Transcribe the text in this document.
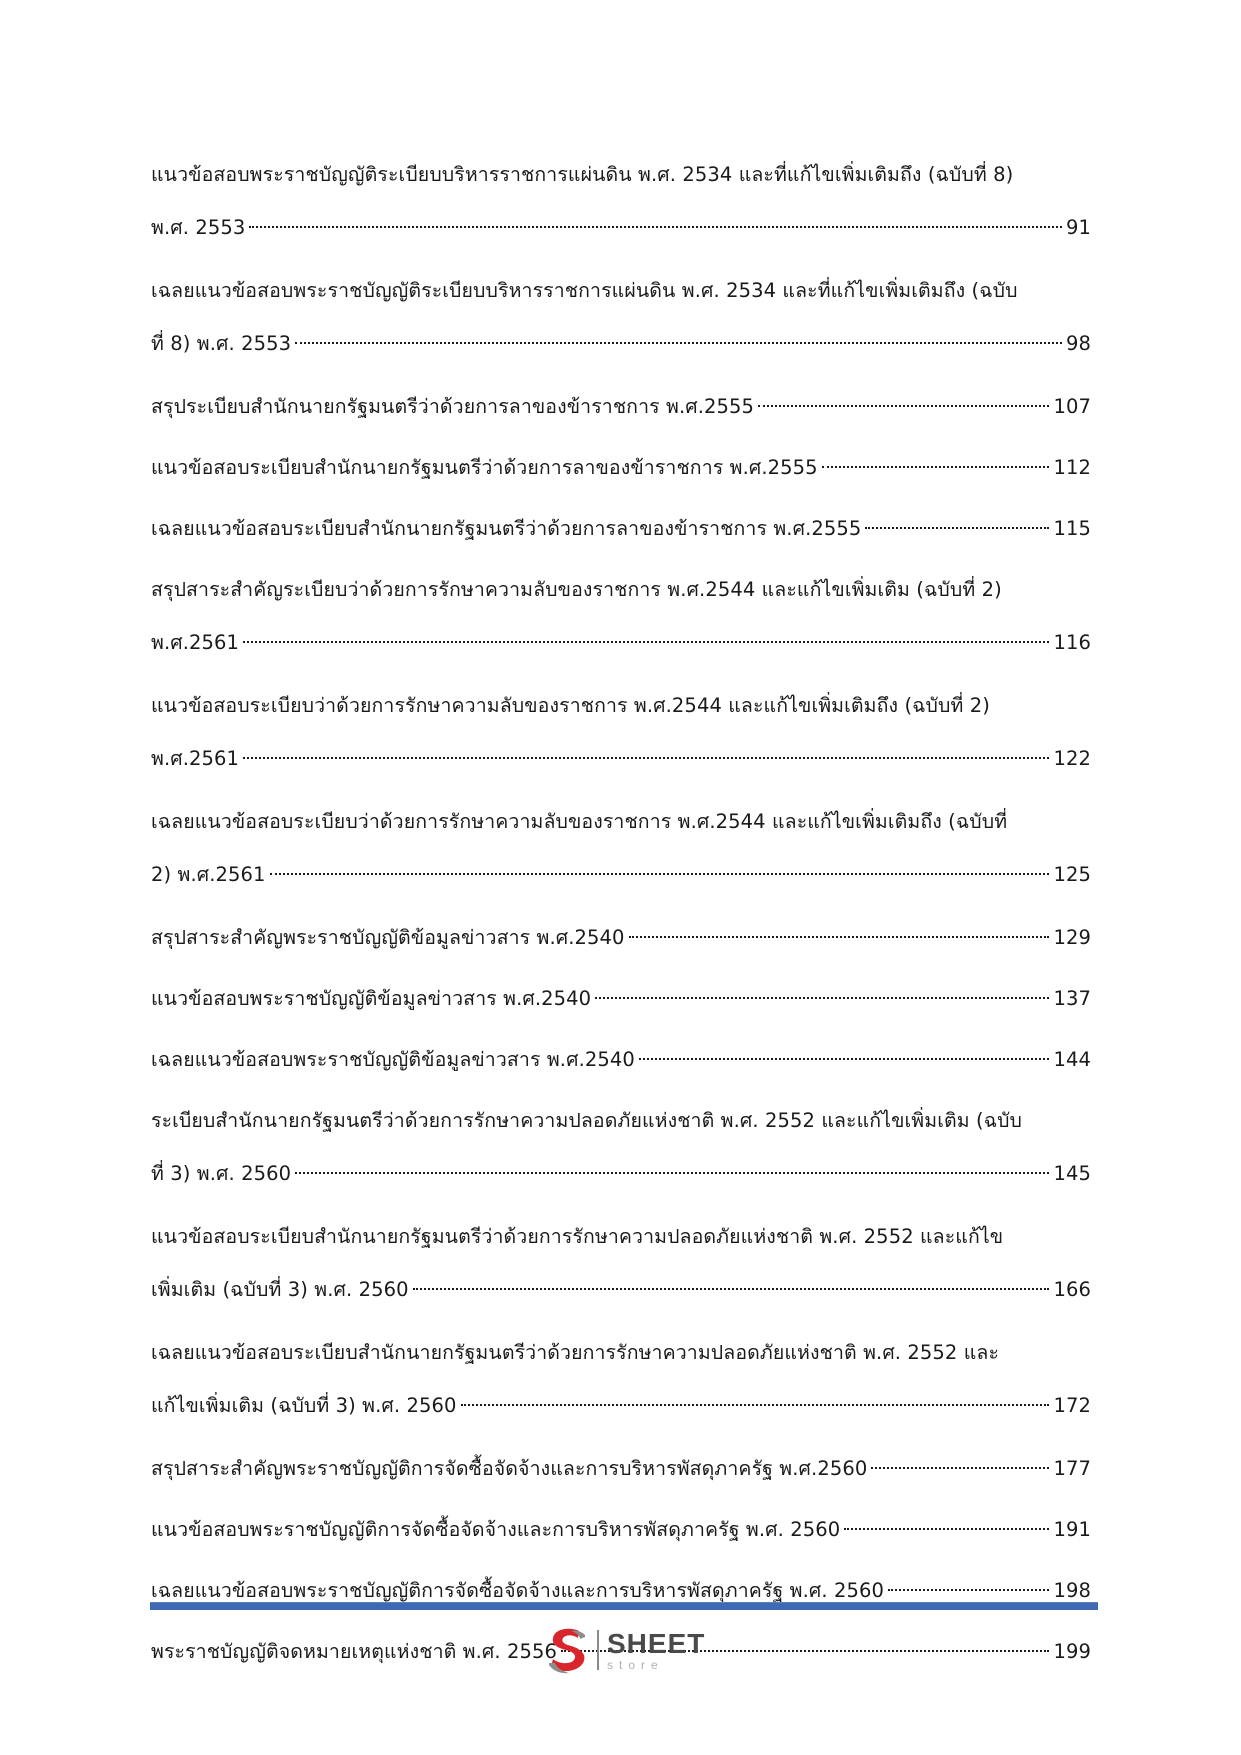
แนวข้อสอบพระราชบัญญัติระเบียบบริหารราชการแผ่นดิน พ.ศ. 2534 และที่แก้ไขเพิ่มเติมถึง (ฉบับที่ 8)
พ.ศ. 2553	91
เฉลยแนวข้อสอบพระราชบัญญัติระเบียบบริหารราชการแผ่นดิน พ.ศ. 2534 และที่แก้ไขเพิ่มเติมถึง (ฉบับ
ที่ 8) พ.ศ. 2553	98
สรุประเบียบสำนักนายกรัฐมนตรีว่าด้วยการลาของข้าราชการ พ.ศ.2555	107
แนวข้อสอบระเบียบสำนักนายกรัฐมนตรีว่าด้วยการลาของข้าราชการ พ.ศ.2555	112
เฉลยแนวข้อสอบระเบียบสำนักนายกรัฐมนตรีว่าด้วยการลาของข้าราชการ พ.ศ.2555	115
สรุปสาระสำคัญระเบียบว่าด้วยการรักษาความลับของราชการ พ.ศ.2544 และแก้ไขเพิ่มเติม (ฉบับที่ 2)
พ.ศ.2561	116
แนวข้อสอบระเบียบว่าด้วยการรักษาความลับของราชการ พ.ศ.2544 และแก้ไขเพิ่มเติมถึง (ฉบับที่ 2)
พ.ศ.2561	122
เฉลยแนวข้อสอบระเบียบว่าด้วยการรักษาความลับของราชการ พ.ศ.2544 และแก้ไขเพิ่มเติมถึง (ฉบับที่
2) พ.ศ.2561	125
สรุปสาระสำคัญพระราชบัญญัติข้อมูลข่าวสาร พ.ศ.2540	129
แนวข้อสอบพระราชบัญญัติข้อมูลข่าวสาร พ.ศ.2540	137
เฉลยแนวข้อสอบพระราชบัญญัติข้อมูลข่าวสาร พ.ศ.2540	144
ระเบียบสำนักนายกรัฐมนตรีว่าด้วยการรักษาความปลอดภัยแห่งชาติ พ.ศ. 2552 และแก้ไขเพิ่มเติม (ฉบับ
ที่ 3) พ.ศ. 2560	145
แนวข้อสอบระเบียบสำนักนายกรัฐมนตรีว่าด้วยการรักษาความปลอดภัยแห่งชาติ พ.ศ. 2552 และแก้ไข
เพิ่มเติม (ฉบับที่ 3) พ.ศ. 2560	166
เฉลยแนวข้อสอบระเบียบสำนักนายกรัฐมนตรีว่าด้วยการรักษาความปลอดภัยแห่งชาติ พ.ศ. 2552 และ
แก้ไขเพิ่มเติม (ฉบับที่ 3) พ.ศ. 2560	172
สรุปสาระสำคัญพระราชบัญญัติการจัดซื้อจัดจ้างและการบริหารพัสดุภาครัฐ พ.ศ.2560	177
แนวข้อสอบพระราชบัญญัติการจัดซื้อจัดจ้างและการบริหารพัสดุภาครัฐ พ.ศ. 2560	191
เฉลยแนวข้อสอบพระราชบัญญัติการจัดซื้อจัดจ้างและการบริหารพัสดุภาครัฐ พ.ศ. 2560	198
พระราชบัญญัติจดหมายเหตุแห่งชาติ พ.ศ. 2556	199
SHEET
store
